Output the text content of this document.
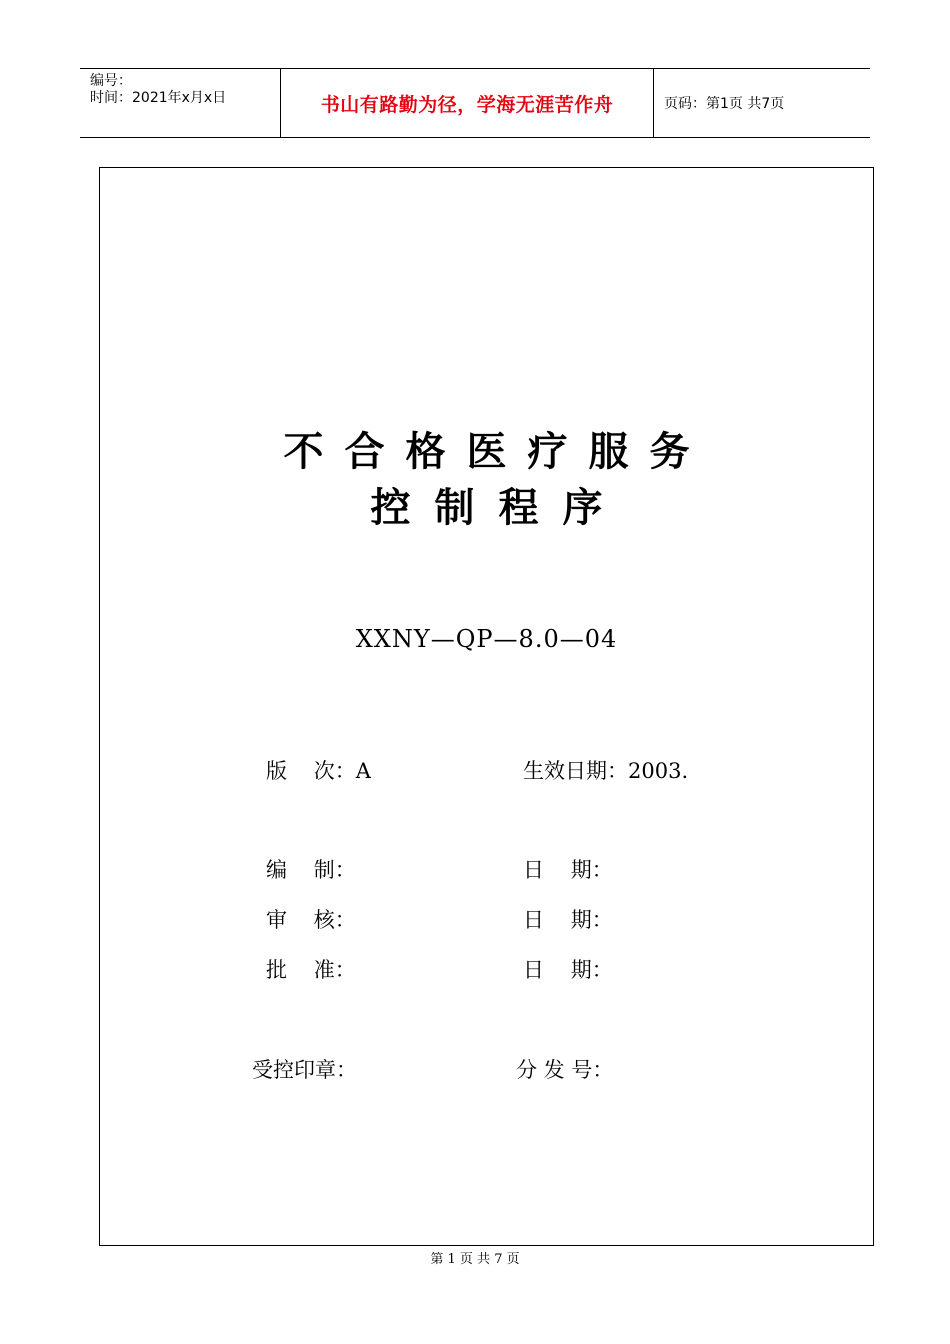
编号：
时间：2021年x月x日	书山有路勤为径，学海无涯苦作舟	页码：第1页 共7页
不合格医疗服务
控制程序
XXNY—QP—8.0—04
版    次：A	生效日期：2003.
编    制：	日    期：
审    核：	日    期：
批    准：	日    期：
受控印章：	分 发 号：
第 1 页 共 7 页
